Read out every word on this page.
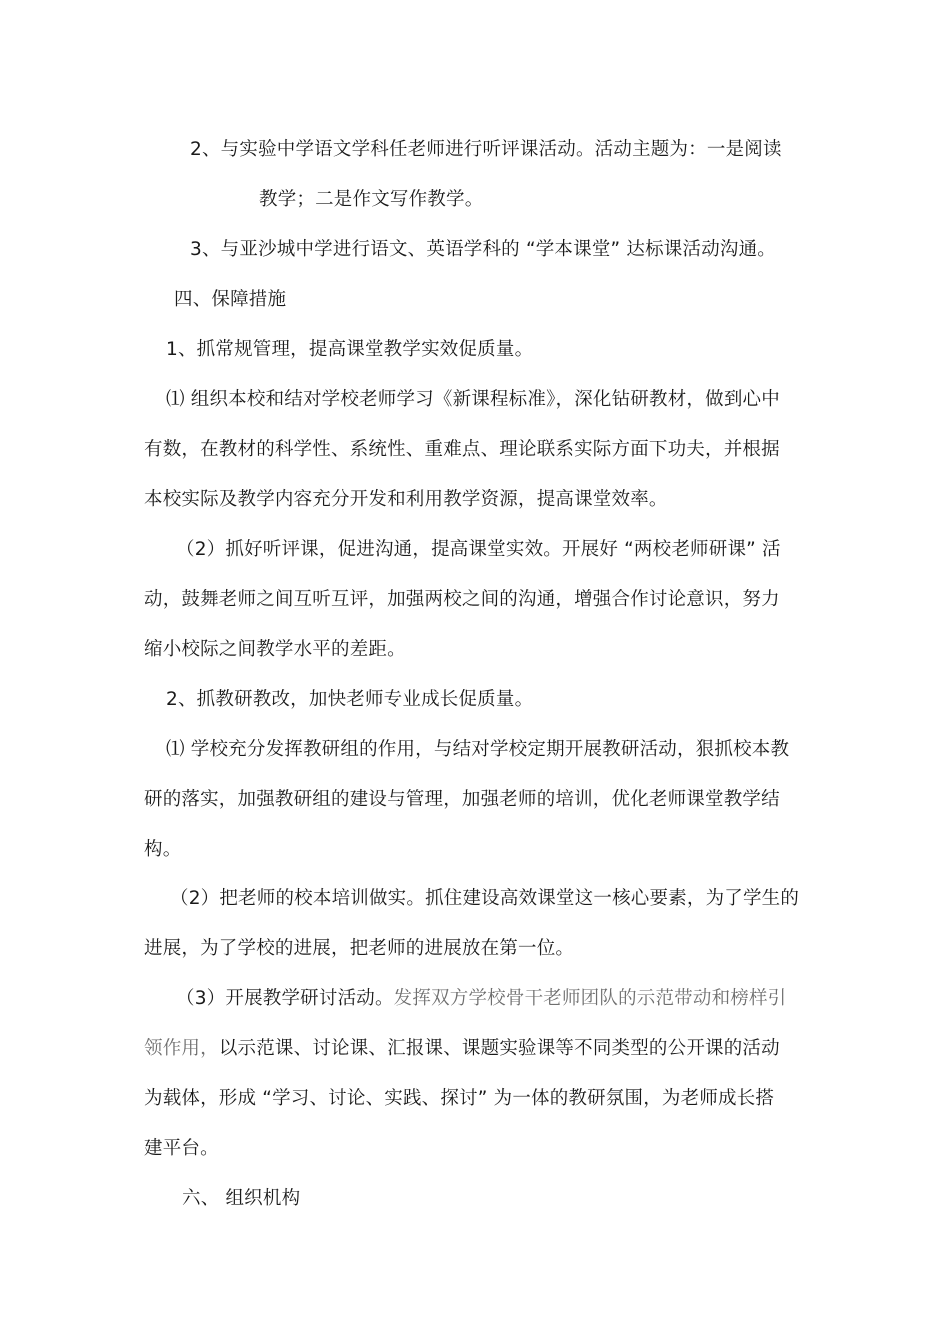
2、与实验中学语文学科任老师进行听评课活动。活动主题为：一是阅读
教学；二是作文写作教学。
3、与亚沙城中学进行语文、英语学科的 “学本课堂” 达标课活动沟通。
四、保障措施
1、抓常规管理，提高课堂教学实效促质量。
⑴ 组织本校和结对学校老师学习《新课程标准》，深化钻研教材，做到心中
有数，在教材的科学性、系统性、重难点、理论联系实际方面下功夫，并根据
本校实际及教学内容充分开发和利用教学资源，提高课堂效率。
（2）抓好听评课，促进沟通，提高课堂实效。开展好 “两校老师研课” 活
动，鼓舞老师之间互听互评，加强两校之间的沟通，增强合作讨论意识，努力
缩小校际之间教学水平的差距。
2、抓教研教改，加快老师专业成长促质量。
⑴ 学校充分发挥教研组的作用，与结对学校定期开展教研活动，狠抓校本教
研的落实，加强教研组的建设与管理，加强老师的培训，优化老师课堂教学结
构。
（2）把老师的校本培训做实。抓住建设高效课堂这一核心要素，为了学生的
进展，为了学校的进展，把老师的进展放在第一位。
（3）开展教学研讨活动。发挥双方学校骨干老师团队的示范带动和榜样引
领作用，以示范课、讨论课、汇报课、课题实验课等不同类型的公开课的活动
为载体，形成 “学习、讨论、实践、探讨” 为一体的教研氛围，为老师成长搭
建平台。
六、 组织机构
